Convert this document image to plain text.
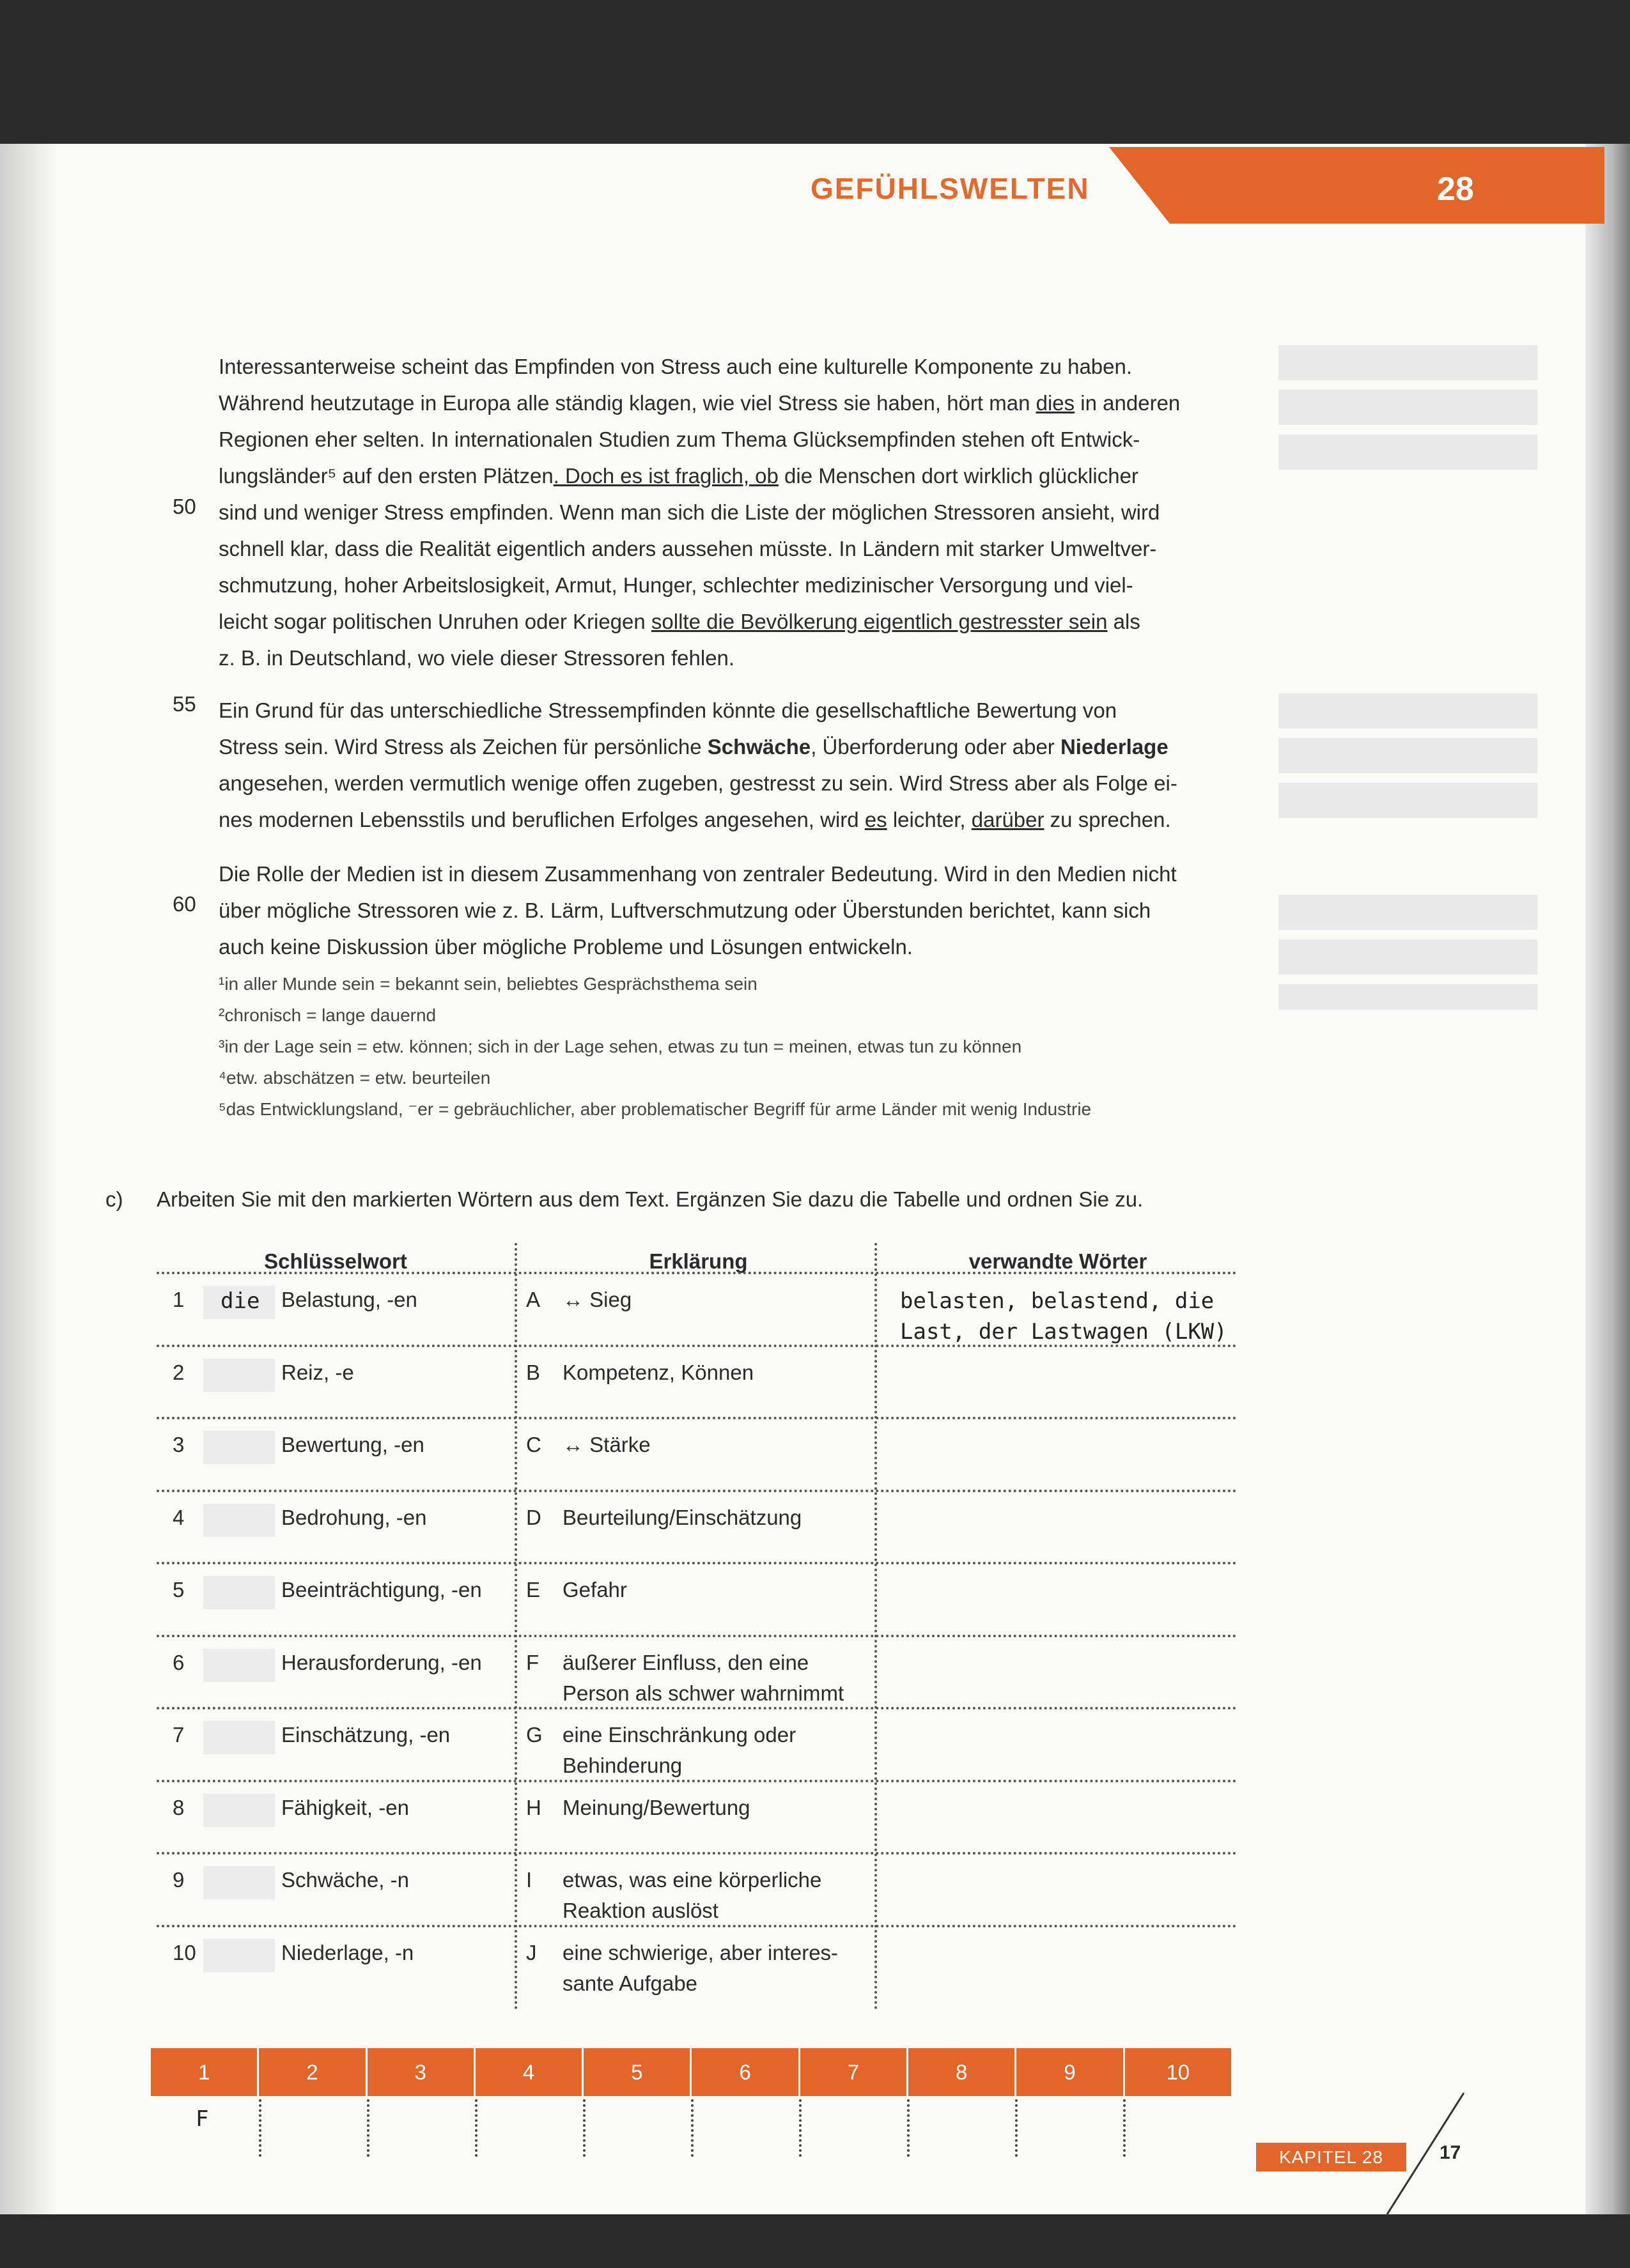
GEFÜHLSWELTEN	28
Interessanterweise scheint das Empfinden von Stress auch eine kulturelle Komponente zu haben.
Während heutzutage in Europa alle ständig klagen, wie viel Stress sie haben, hört man dies in anderen
Regionen eher selten. In internationalen Studien zum Thema Glücksempfinden stehen oft Entwick-
lungsländer⁵ auf den ersten Plätzen. Doch es ist fraglich, ob die Menschen dort wirklich glücklicher
sind und weniger Stress empfinden. Wenn man sich die Liste der möglichen Stressoren ansieht, wird
schnell klar, dass die Realität eigentlich anders aussehen müsste. In Ländern mit starker Umweltver-
schmutzung, hoher Arbeitslosigkeit, Armut, Hunger, schlechter medizinischer Versorgung und viel-
leicht sogar politischen Unruhen oder Kriegen sollte die Bevölkerung eigentlich gestresster sein als
z. B. in Deutschland, wo viele dieser Stressoren fehlen.
50
Ein Grund für das unterschiedliche Stressempfinden könnte die gesellschaftliche Bewertung von
Stress sein. Wird Stress als Zeichen für persönliche Schwäche, Überforderung oder aber Niederlage
angesehen, werden vermutlich wenige offen zugeben, gestresst zu sein. Wird Stress aber als Folge ei-
nes modernen Lebensstils und beruflichen Erfolges angesehen, wird es leichter, darüber zu sprechen.
55
Die Rolle der Medien ist in diesem Zusammenhang von zentraler Bedeutung. Wird in den Medien nicht
über mögliche Stressoren wie z. B. Lärm, Luftverschmutzung oder Überstunden berichtet, kann sich
auch keine Diskussion über mögliche Probleme und Lösungen entwickeln.
60
¹in aller Munde sein = bekannt sein, beliebtes Gesprächsthema sein
²chronisch = lange dauernd
³in der Lage sein = etw. können; sich in der Lage sehen, etwas zu tun = meinen, etwas tun zu können
⁴etw. abschätzen = etw. beurteilen
⁵das Entwicklungsland, ⁻er = gebräuchlicher, aber problematischer Begriff für arme Länder mit wenig Industrie
c) Arbeiten Sie mit den markierten Wörtern aus dem Text. Ergänzen Sie dazu die Tabelle und ordnen Sie zu.
Schlüsselwort	Erklärung	verwandte Wörter
1 die Belastung, -en	A ↔ Sieg	belasten, belastend, die
Last, der Lastwagen (LKW)
2	Reiz, -e	B Kompetenz, Können
3	Bewertung, -en	C ↔ Stärke
4	Bedrohung, -en	D Beurteilung/Einschätzung
5	Beeinträchtigung, -en E Gefahr
6	Herausforderung, -en F äußerer Einfluss, den eine
Person als schwer wahrnimmt
7	Einschätzung, -en	G eine Einschränkung oder
Behinderung
8	Fähigkeit, -en	H Meinung/Bewertung
9	Schwäche, -n	I etwas, was eine körperliche
Reaktion auslöst
10	Niederlage, -n	J eine schwierige, aber interes-
sante Aufgabe
1	2	3	4	5	6	7	8	9	10
F
KAPITEL 28	17
